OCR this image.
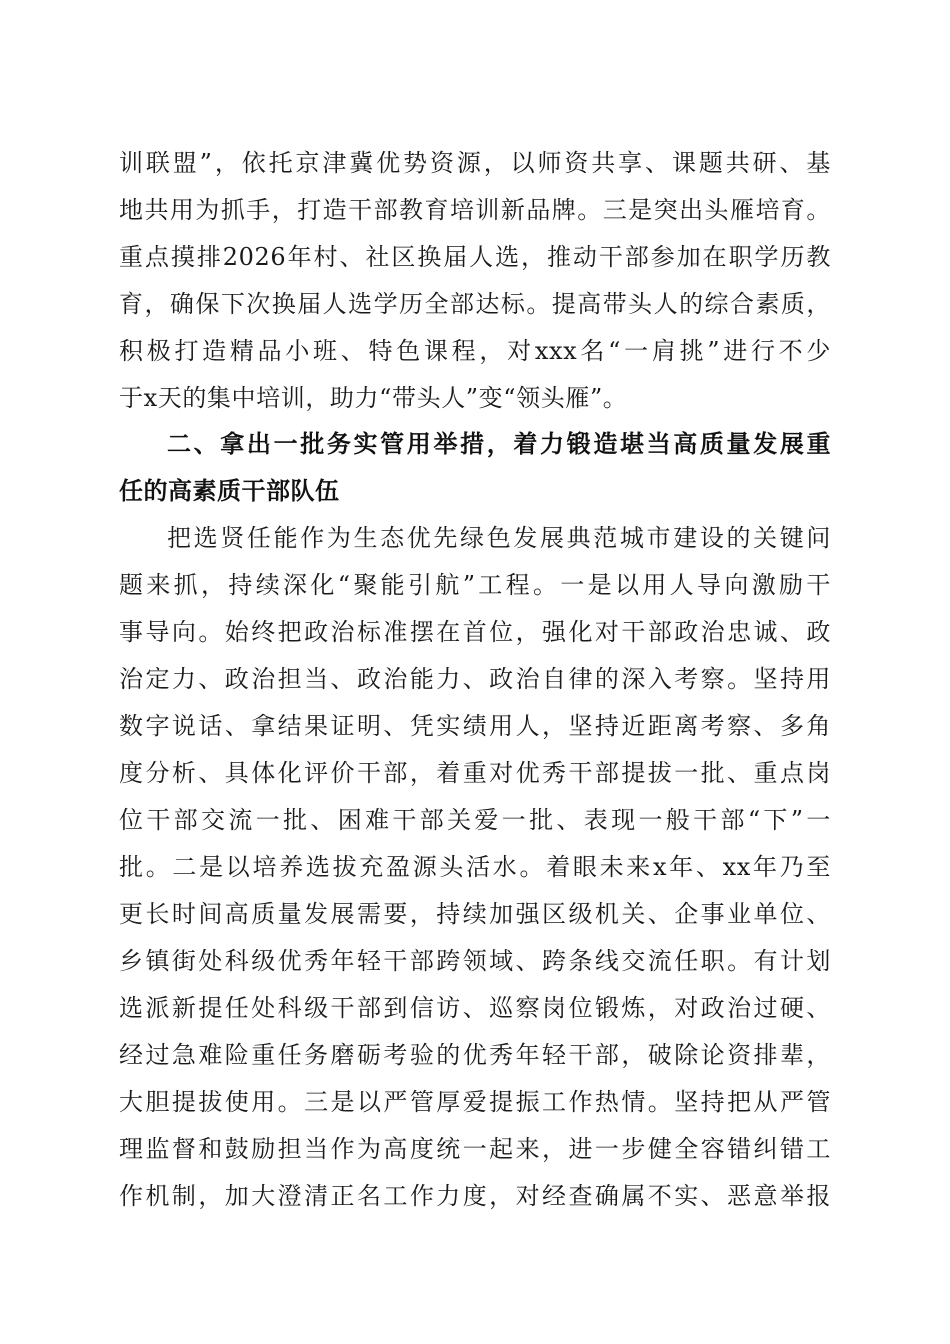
训联盟”，依托京津冀优势资源，以师资共享、课题共研、基
地共用为抓手，打造干部教育培训新品牌。三是突出头雁培育。
重点摸排2026年村、社区换届人选，推动干部参加在职学历教
育，确保下次换届人选学历全部达标。提高带头人的综合素质，
积极打造精品小班、特色课程，对xxx名“一肩挑”进行不少
于x天的集中培训，助力“带头人”变“领头雁”。
二、拿出一批务实管用举措，着力锻造堪当高质量发展重
任的高素质干部队伍
把选贤任能作为生态优先绿色发展典范城市建设的关键问
题来抓，持续深化“聚能引航”工程。一是以用人导向激励干
事导向。始终把政治标准摆在首位，强化对干部政治忠诚、政
治定力、政治担当、政治能力、政治自律的深入考察。坚持用
数字说话、拿结果证明、凭实绩用人，坚持近距离考察、多角
度分析、具体化评价干部，着重对优秀干部提拔一批、重点岗
位干部交流一批、困难干部关爱一批、表现一般干部“下”一
批。二是以培养选拔充盈源头活水。着眼未来x年、xx年乃至
更长时间高质量发展需要，持续加强区级机关、企事业单位、
乡镇街处科级优秀年轻干部跨领域、跨条线交流任职。有计划
选派新提任处科级干部到信访、巡察岗位锻炼，对政治过硬、
经过急难险重任务磨砺考验的优秀年轻干部，破除论资排辈，
大胆提拔使用。三是以严管厚爱提振工作热情。坚持把从严管
理监督和鼓励担当作为高度统一起来，进一步健全容错纠错工
作机制，加大澄清正名工作力度，对经查确属不实、恶意举报
